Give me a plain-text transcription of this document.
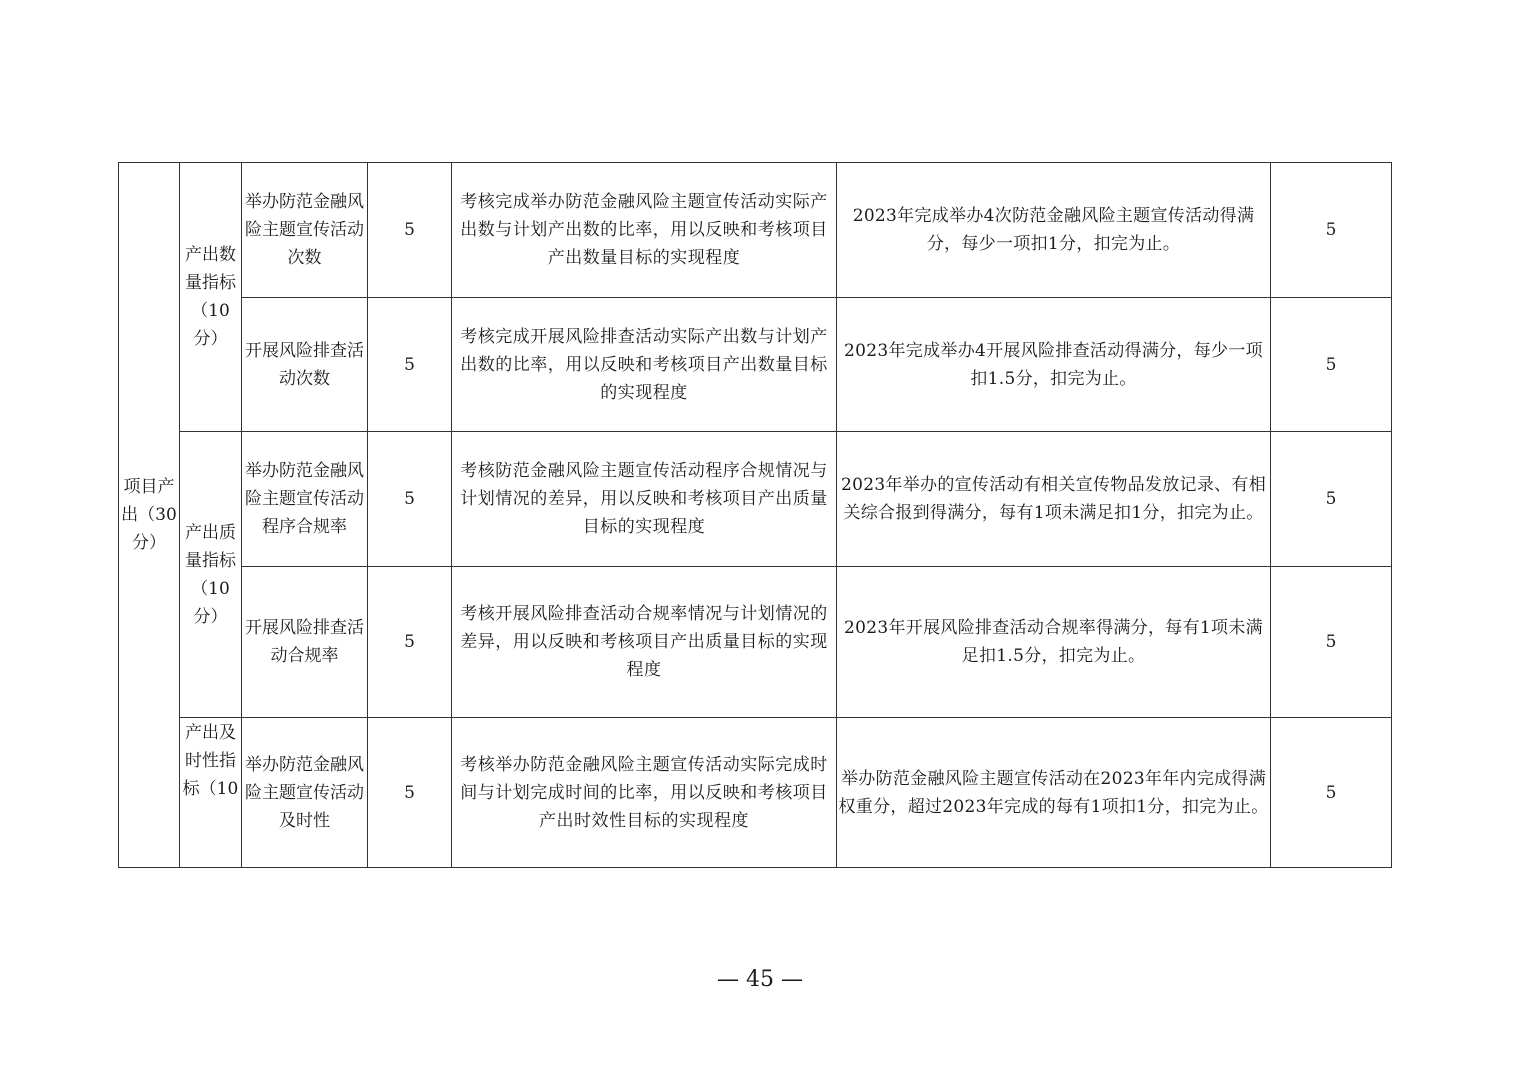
项目产出（30分）	产出数量指标（10分）	举办防范金融风险主题宣传活动次数	5	考核完成举办防范金融风险主题宣传活动实际产出数与计划产出数的比率，用以反映和考核项目产出数量目标的实现程度	2023年完成举办4次防范金融风险主题宣传活动得满分，每少一项扣1分，扣完为止。	5
		开展风险排查活动次数	5	考核完成开展风险排查活动实际产出数与计划产出数的比率，用以反映和考核项目产出数量目标的实现程度	2023年完成举办4开展风险排查活动得满分，每少一项扣1.5分，扣完为止。	5
	产出质量指标（10分）	举办防范金融风险主题宣传活动程序合规率	5	考核防范金融风险主题宣传活动程序合规情况与计划情况的差异，用以反映和考核项目产出质量目标的实现程度	2023年举办的宣传活动有相关宣传物品发放记录、有相关综合报到得满分，每有1项未满足扣1分，扣完为止。	5
		开展风险排查活动合规率	5	考核开展风险排查活动合规率情况与计划情况的差异，用以反映和考核项目产出质量目标的实现程度	2023年开展风险排查活动合规率得满分，每有1项未满足扣1.5分，扣完为止。	5

	产出及时性指标（10	举办防范金融风险主题宣传活动及时性	5	考核举办防范金融风险主题宣传活动实际完成时间与计划完成时间的比率，用以反映和考核项目产出时效性目标的实现程度	举办防范金融风险主题宣传活动在2023年年内完成得满权重分，超过2023年完成的每有1项扣1分，扣完为止。	5
— 45 —
